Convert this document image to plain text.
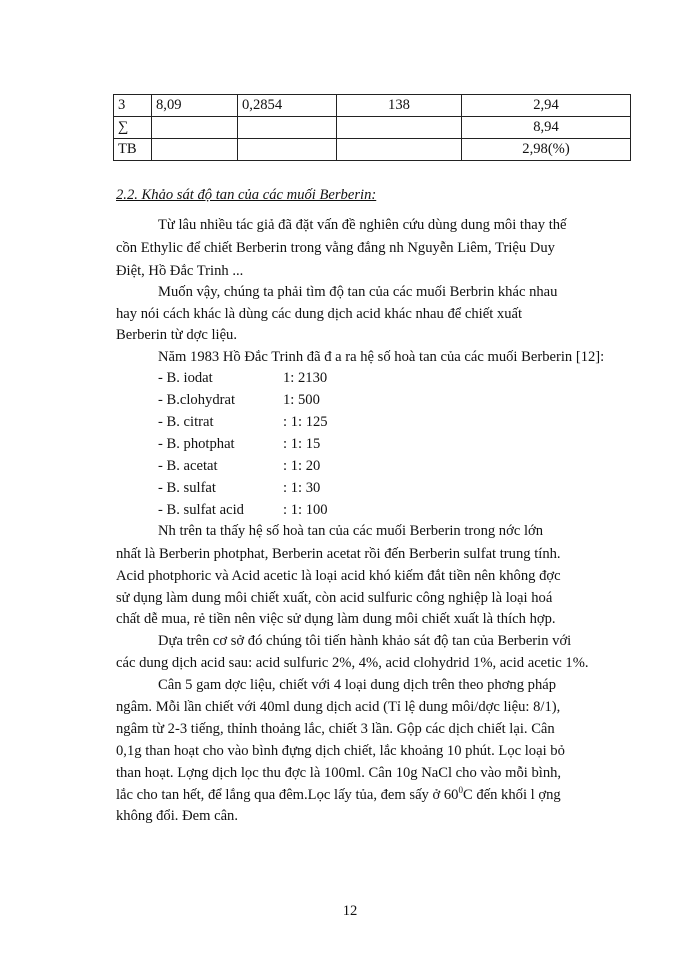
3	8,09	0,2854	138	2,94
∑				8,94
TB				2,98(%)
2.2. Khảo sát độ tan của các muối Berberin:
Từ lâu nhiều tác giả đã đặt vấn đề nghiên cứu dùng dung môi thay thế
cồn Ethylic để chiết Berberin trong vằng đắng nh Nguyễn Liêm, Triệu Duy
Điệt, Hồ Đắc Trinh ...
Muốn vậy, chúng ta phải tìm độ tan của các muối Berbrin khác nhau
hay nói cách khác là dùng các dung dịch acid khác nhau để chiết xuất
Berberin từ dợc liệu.
Năm 1983 Hồ Đắc Trinh đã đ a ra hệ số hoà tan của các muối Berberin [12]:
- B. iodat	1: 2130
- B.clohydrat	1: 500
- B. citrat	: 1: 125
- B. photphat	: 1: 15
- B. acetat	: 1: 20
- B. sulfat	: 1: 30
- B. sulfat acid	: 1: 100
Nh trên ta thấy hệ số hoà tan của các muối Berberin trong nớc lớn
nhất là Berberin photphat, Berberin acetat rồi đến Berberin sulfat trung tính.
Acid photphoric và Acid acetic là loại acid khó kiếm đắt tiền nên không đợc
sử dụng làm dung môi chiết xuất, còn acid sulfuric công nghiệp là loại hoá
chất dễ mua, rẻ tiền nên việc sử dụng làm dung môi chiết xuất là thích hợp.
Dựa trên cơ sở đó chúng tôi tiến hành khảo sát độ tan của Berberin với
các dung dịch acid sau: acid sulfuric 2%, 4%, acid clohydrid 1%, acid acetic 1%.
Cân 5 gam dợc liệu, chiết với 4 loại dung dịch trên theo phơng pháp
ngâm. Mỗi lần chiết với 40ml dung dịch acid (Tỉ lệ dung môi/dợc liệu: 8/1),
ngâm từ 2-3 tiếng, thỉnh thoảng lắc, chiết 3 lần. Gộp các dịch chiết lại. Cân
0,1g than hoạt cho vào bình đựng dịch chiết, lắc khoảng 10 phút. Lọc loại bỏ
than hoạt. Lợng dịch lọc thu đợc là 100ml. Cân 10g NaCl cho vào mỗi bình,
lắc cho tan hết, để lắng qua đêm.Lọc lấy tủa, đem sấy ở $60^0C$ đến khối l ợng
không đổi. Đem cân.
12
